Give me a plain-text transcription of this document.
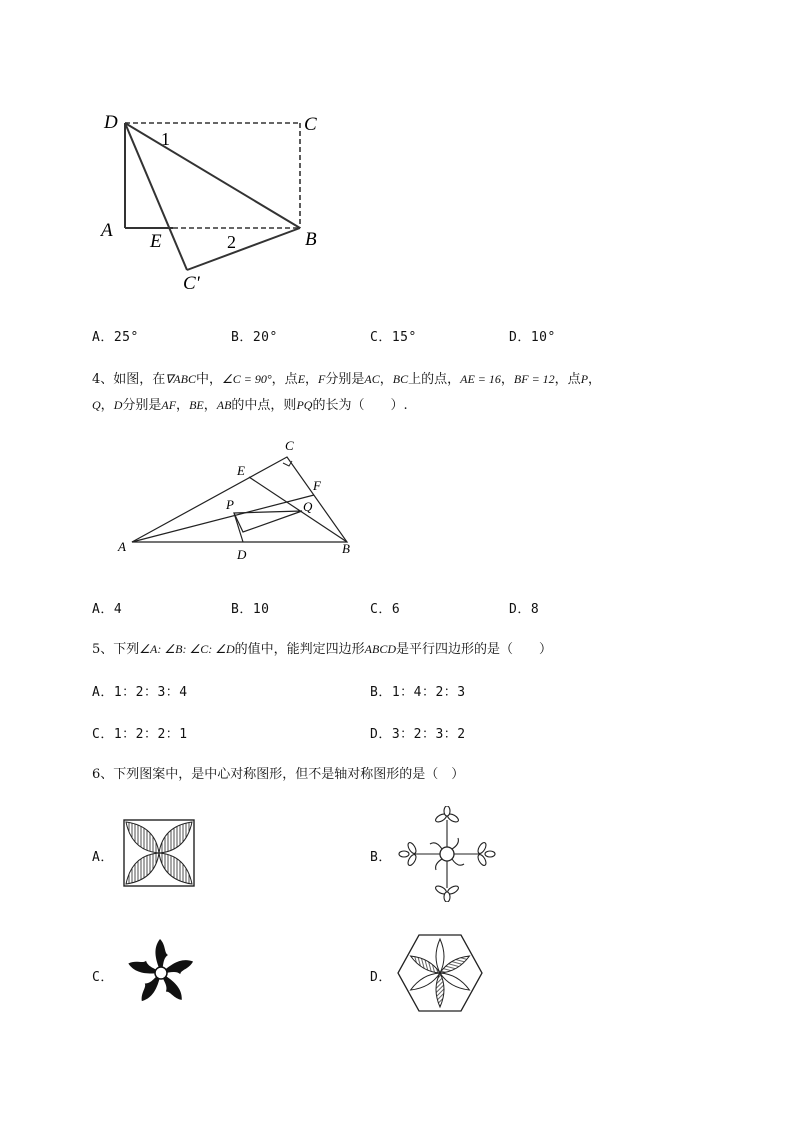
D	C
A
E	B
C'
1
2
A．25°	B．20°	C．15°	D．10°
4、如图，在∇ABC中，∠C = 90°，点E，F分别是AC，BC上的点，AE = 16，BF = 12，点P，
Q，D分别是AF，BE，AB的中点，则PQ的长为（　　）.
C
E
F
P	Q
A
D	B
A．4	B．10	C．6	D．8
5、下列∠A: ∠B: ∠C: ∠D的值中，能判定四边形ABCD是平行四边形的是（　　）
A．1：2：3：4	B．1：4：2：3
C．1：2：2：1	D．3：2：3：2
6、下列图案中，是中心对称图形，但不是轴对称图形的是（　）
A．	B．
C．	D．
